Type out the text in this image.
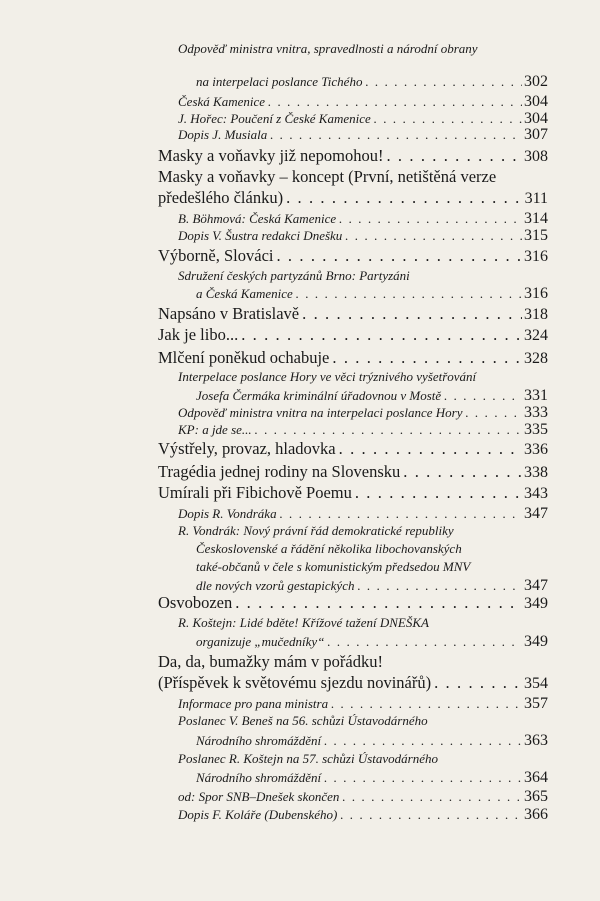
Odpověď ministra vnitra, spravedlnosti a národní obrany
na interpelaci poslance Tichého . . .	302
Česká Kamenice . . .	304
J. Hořec: Poučení z České Kamenice . . .	304
Dopis J. Musiala . . .	307
Masky a voňavky již nepomohou! . . .	308
Masky a voňavky – koncept (První, netištěná verze
předešlého článku) . . .	311
B. Böhmová: Česká Kamenice . . .	314
Dopis V. Šustra redakci Dnešku . . .	315
Výborně, Slováci . . .	316
Sdružení českých partyzánů Brno: Partyzáni
a Česká Kamenice . . .	316
Napsáno v Bratislavě . . .	318
Jak je libo... . . .	324
Mlčení poněkud ochabuje . . .	328
Interpelace poslance Hory ve věci trýznivého vyšetřování
Josefa Čermáka kriminální úřadovnou v Mostě . . .	331
Odpověď ministra vnitra na interpelaci poslance Hory . . .	333
KP: a jde se... . . .	335
Výstřely, provaz, hladovka . . .	336
Tragédia jednej rodiny na Slovensku . . .	338
Umírali při Fibichově Poemu . . .	343
Dopis R. Vondráka . . .	347
R. Vondrák: Nový právní řád demokratické republiky
Československé a řádění několika libochovanských
také-občanů v čele s komunistickým předsedou MNV
dle nových vzorů gestapických . . .	347
Osvobozen . . .	349
R. Koštejn: Lidé bděte! Křížové tažení DNEŠKA
organizuje „mučedníky“ . . .	349
Da, da, bumažky mám v pořádku!
(Příspěvek k světovému sjezdu novinářů) . . .	354
Informace pro pana ministra . . .	357
Poslanec V. Beneš na 56. schůzi Ústavodárného
Národního shromáždění . . .	363
Poslanec R. Koštejn na 57. schůzi Ústavodárného
Národního shromáždění . . .	364
od: Spor SNB–Dnešek skončen . . .	365
Dopis F. Koláře (Dubenského) . . .	366
